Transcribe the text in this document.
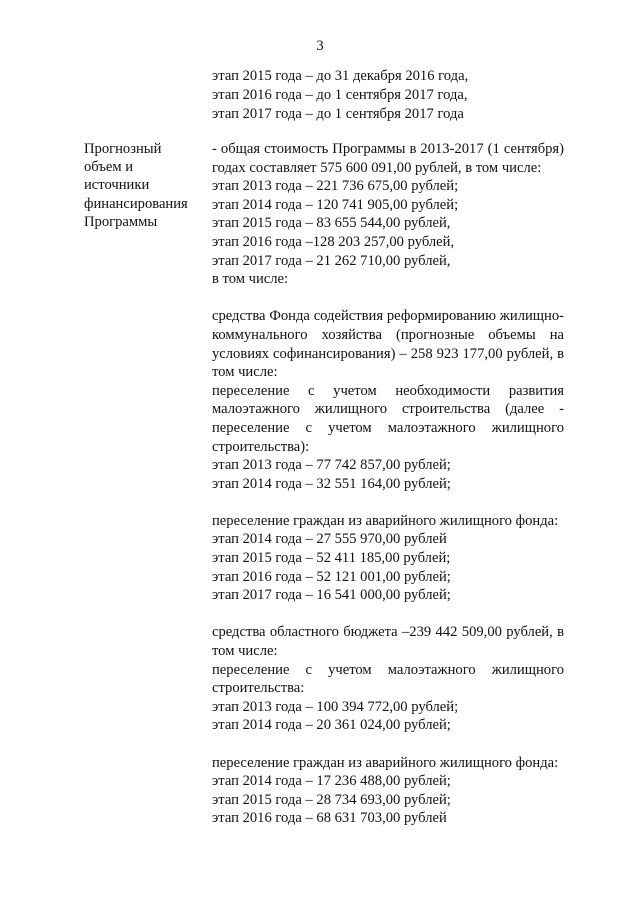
3
этап 2015 года – до 31 декабря 2016 года,
этап 2016 года – до 1 сентября 2017 года,
этап 2017 года – до 1 сентября 2017 года
Прогнозный
объем и
источники
финансирования
Программы
- общая стоимость Программы в 2013-2017 (1 сентября) годах составляет 575 600 091,00 рублей, в том числе:
этап 2013 года – 221 736 675,00 рублей;
этап 2014 года – 120 741 905,00 рублей;
этап 2015 года – 83 655 544,00 рублей,
этап 2016 года –128 203 257,00 рублей,
этап 2017 года – 21 262 710,00 рублей,
в том числе:
средства Фонда содействия реформированию жилищно-коммунального хозяйства (прогнозные объемы на условиях софинансирования) – 258 923 177,00 рублей, в том числе:
переселение с учетом необходимости развития малоэтажного жилищного строительства (далее - переселение с учетом малоэтажного жилищного строительства):
этап 2013 года – 77 742 857,00 рублей;
этап 2014 года – 32 551 164,00 рублей;
переселение граждан из аварийного жилищного фонда:
этап 2014 года – 27 555 970,00 рублей
этап 2015 года – 52 411 185,00 рублей;
этап 2016 года – 52 121 001,00 рублей;
этап 2017 года – 16 541 000,00 рублей;
средства областного бюджета –239 442 509,00 рублей, в том числе:
переселение с учетом малоэтажного жилищного строительства:
этап 2013 года – 100 394 772,00 рублей;
этап 2014 года – 20 361 024,00 рублей;
переселение граждан из аварийного жилищного фонда:
этап 2014 года – 17 236 488,00 рублей;
этап 2015 года – 28 734 693,00 рублей;
этап 2016 года – 68 631 703,00 рублей
